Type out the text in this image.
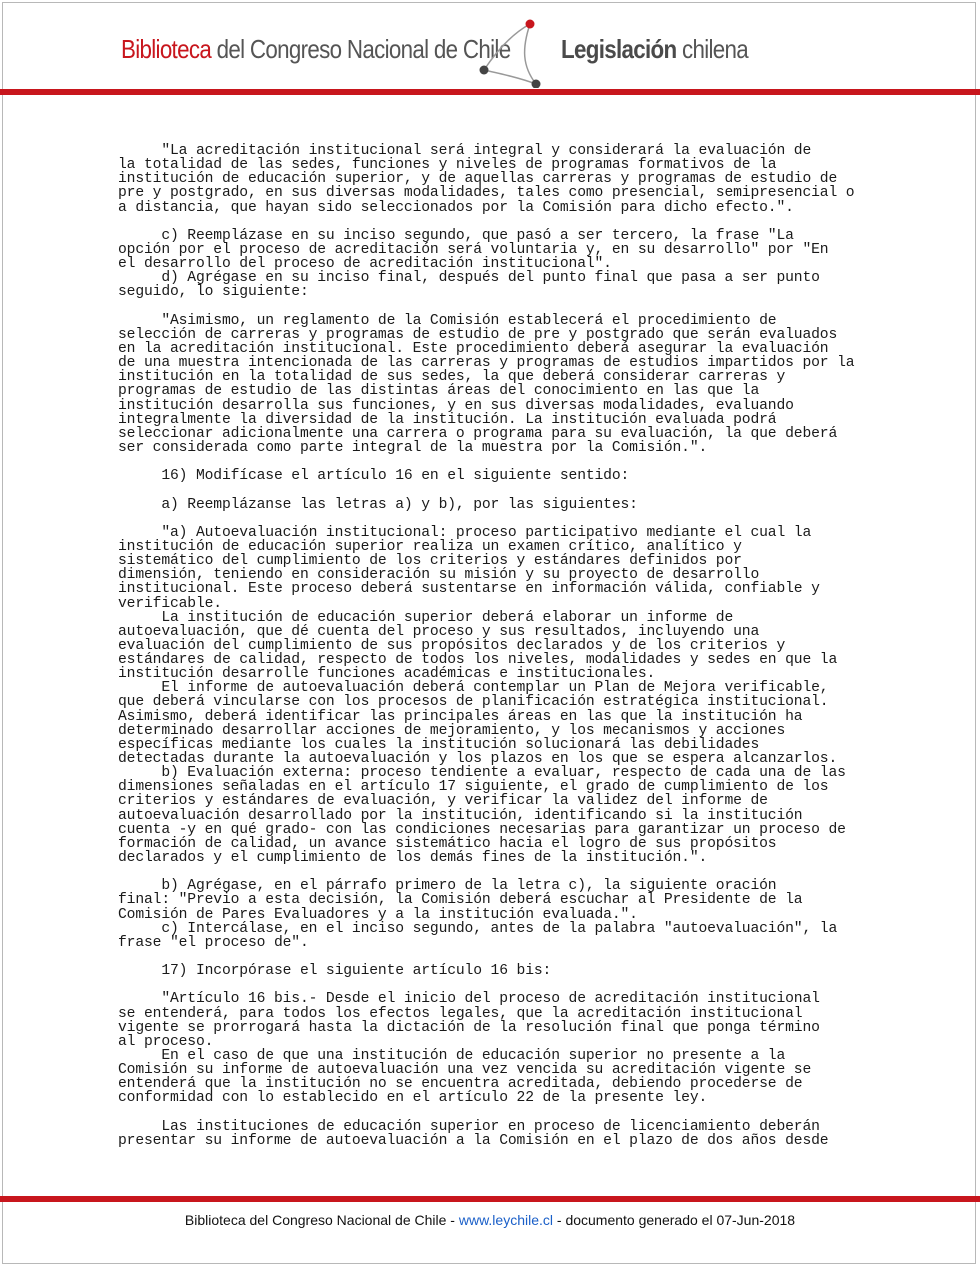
Biblioteca del Congreso Nacional de Chile Legislación chilena
"La acreditación institucional será integral y considerará la evaluación de
la totalidad de las sedes, funciones y niveles de programas formativos de la
institución de educación superior, y de aquellas carreras y programas de estudio de
pre y postgrado, en sus diversas modalidades, tales como presencial, semipresencial o
a distancia, que hayan sido seleccionados por la Comisión para dicho efecto.".
c) Reemplázase en su inciso segundo, que pasó a ser tercero, la frase "La
opción por el proceso de acreditación será voluntaria y, en su desarrollo" por "En
el desarrollo del proceso de acreditación institucional".
d) Agrégase en su inciso final, después del punto final que pasa a ser punto
seguido, lo siguiente:
"Asimismo, un reglamento de la Comisión establecerá el procedimiento de
selección de carreras y programas de estudio de pre y postgrado que serán evaluados
en la acreditación institucional. Este procedimiento deberá asegurar la evaluación
de una muestra intencionada de las carreras y programas de estudios impartidos por la
institución en la totalidad de sus sedes, la que deberá considerar carreras y
programas de estudio de las distintas áreas del conocimiento en las que la
institución desarrolla sus funciones, y en sus diversas modalidades, evaluando
integralmente la diversidad de la institución. La institución evaluada podrá
seleccionar adicionalmente una carrera o programa para su evaluación, la que deberá
ser considerada como parte integral de la muestra por la Comisión.".
16) Modifícase el artículo 16 en el siguiente sentido:
a) Reemplázanse las letras a) y b), por las siguientes:
"a) Autoevaluación institucional: proceso participativo mediante el cual la
institución de educación superior realiza un examen crítico, analítico y
sistemático del cumplimiento de los criterios y estándares definidos por
dimensión, teniendo en consideración su misión y su proyecto de desarrollo
institucional. Este proceso deberá sustentarse en información válida, confiable y
verificable.
La institución de educación superior deberá elaborar un informe de
autoevaluación, que dé cuenta del proceso y sus resultados, incluyendo una
evaluación del cumplimiento de sus propósitos declarados y de los criterios y
estándares de calidad, respecto de todos los niveles, modalidades y sedes en que la
institución desarrolle funciones académicas e institucionales.
El informe de autoevaluación deberá contemplar un Plan de Mejora verificable,
que deberá vincularse con los procesos de planificación estratégica institucional.
Asimismo, deberá identificar las principales áreas en las que la institución ha
determinado desarrollar acciones de mejoramiento, y los mecanismos y acciones
específicas mediante los cuales la institución solucionará las debilidades
detectadas durante la autoevaluación y los plazos en los que se espera alcanzarlos.
b) Evaluación externa: proceso tendiente a evaluar, respecto de cada una de las
dimensiones señaladas en el artículo 17 siguiente, el grado de cumplimiento de los
criterios y estándares de evaluación, y verificar la validez del informe de
autoevaluación desarrollado por la institución, identificando si la institución
cuenta -y en qué grado- con las condiciones necesarias para garantizar un proceso de
formación de calidad, un avance sistemático hacia el logro de sus propósitos
declarados y el cumplimiento de los demás fines de la institución.".
b) Agrégase, en el párrafo primero de la letra c), la siguiente oración
final: "Previo a esta decisión, la Comisión deberá escuchar al Presidente de la
Comisión de Pares Evaluadores y a la institución evaluada.".
c) Intercálase, en el inciso segundo, antes de la palabra "autoevaluación", la
frase "el proceso de".
17) Incorpórase el siguiente artículo 16 bis:
"Artículo 16 bis.- Desde el inicio del proceso de acreditación institucional
se entenderá, para todos los efectos legales, que la acreditación institucional
vigente se prorrogará hasta la dictación de la resolución final que ponga término
al proceso.
En el caso de que una institución de educación superior no presente a la
Comisión su informe de autoevaluación una vez vencida su acreditación vigente se
entenderá que la institución no se encuentra acreditada, debiendo procederse de
conformidad con lo establecido en el artículo 22 de la presente ley.
Las instituciones de educación superior en proceso de licenciamiento deberán
presentar su informe de autoevaluación a la Comisión en el plazo de dos años desde
Biblioteca del Congreso Nacional de Chile - www.leychile.cl - documento generado el 07-Jun-2018
